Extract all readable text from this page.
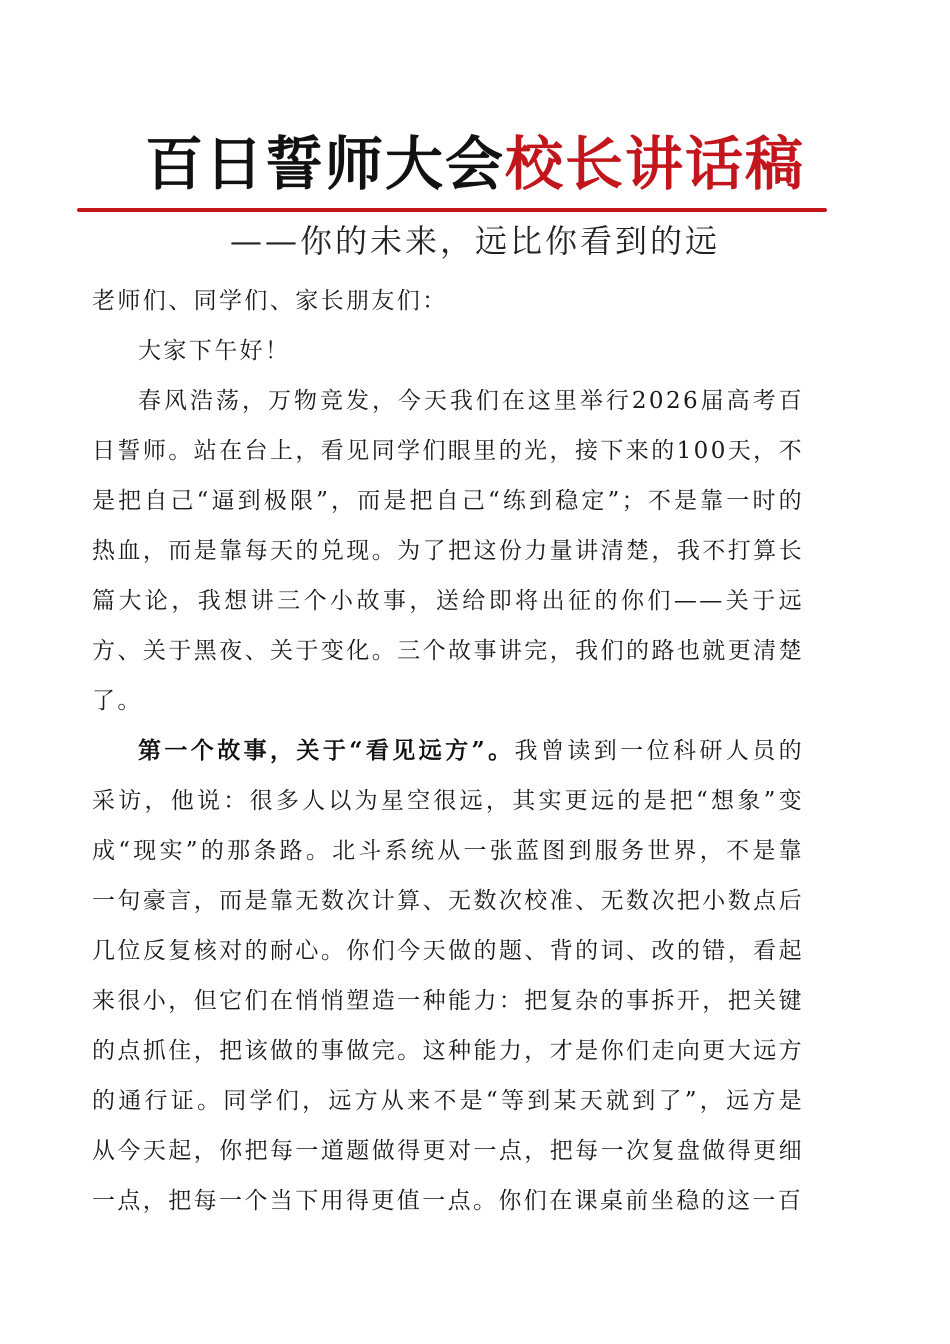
百日誓师大会校长讲话稿
——你的未来，远比你看到的远

老师们、同学们、家长朋友们：

大家下午好！

春风浩荡，万物竞发，今天我们在这里举行2026届高考百日誓师。站在台上，看见同学们眼里的光，接下来的100天，不是把自己“逼到极限”，而是把自己“练到稳定”；不是靠一时的热血，而是靠每天的兑现。为了把这份力量讲清楚，我不打算长篇大论，我想讲三个小故事，送给即将出征的你们——关于远方、关于黑夜、关于变化。三个故事讲完，我们的路也就更清楚了。

第一个故事，关于“看见远方”。我曾读到一位科研人员的采访，他说：很多人以为星空很远，其实更远的是把“想象”变成“现实”的那条路。北斗系统从一张蓝图到服务世界，不是靠一句豪言，而是靠无数次计算、无数次校准、无数次把小数点后几位反复核对的耐心。你们今天做的题、背的词、改的错，看起来很小，但它们在悄悄塑造一种能力：把复杂的事拆开，把关键的点抓住，把该做的事做完。这种能力，才是你们走向更大远方的通行证。同学们，远方从来不是“等到某天就到了”，远方是从今天起，你把每一道题做得更对一点，把每一次复盘做得更细一点，把每一个当下用得更值一点。你们在课桌前坐稳的这一百
